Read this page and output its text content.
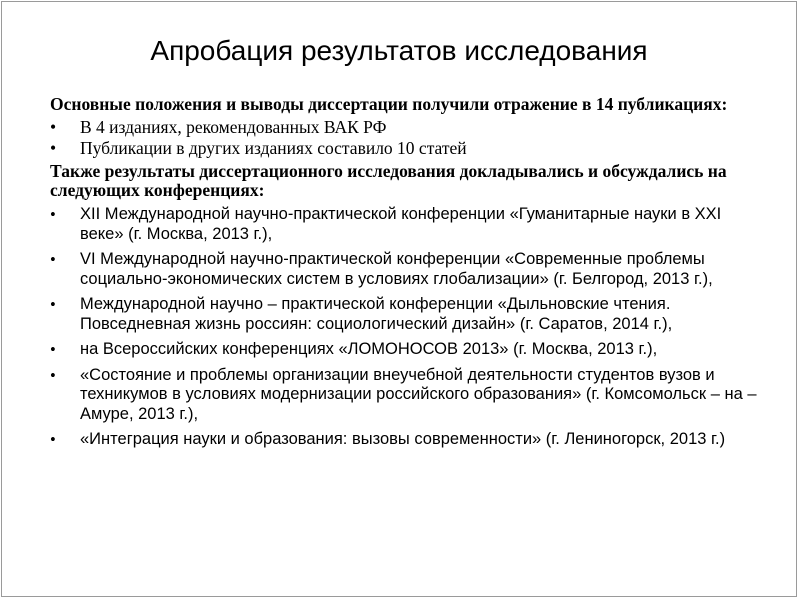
Апробация результатов исследования
Основные положения и выводы диссертации получили отражение в 14 публикациях:
•	В 4 изданиях, рекомендованных ВАК РФ
•	Публикации в других изданиях составило 10 статей
Также результаты диссертационного исследования докладывались и обсуждались на следующих конференциях:
•	XII Международной научно-практической конференции «Гуманитарные науки в XXI веке» (г. Москва, 2013 г.),
•	VI Международной научно-практической конференции «Современные проблемы социально-экономических систем в условиях глобализации» (г. Белгород, 2013 г.),
•	Международной научно – практической конференции «Дыльновские чтения. Повседневная жизнь россиян: социологический дизайн» (г. Саратов, 2014 г.),
•	на Всероссийских конференциях «ЛОМОНОСОВ 2013» (г. Москва, 2013 г.),
•	«Состояние и проблемы организации внеучебной деятельности студентов вузов и техникумов в условиях модернизации российского образования» (г. Комсомольск – на – Амуре, 2013 г.),
•	«Интеграция науки и образования: вызовы современности» (г. Лениногорск, 2013 г.)
